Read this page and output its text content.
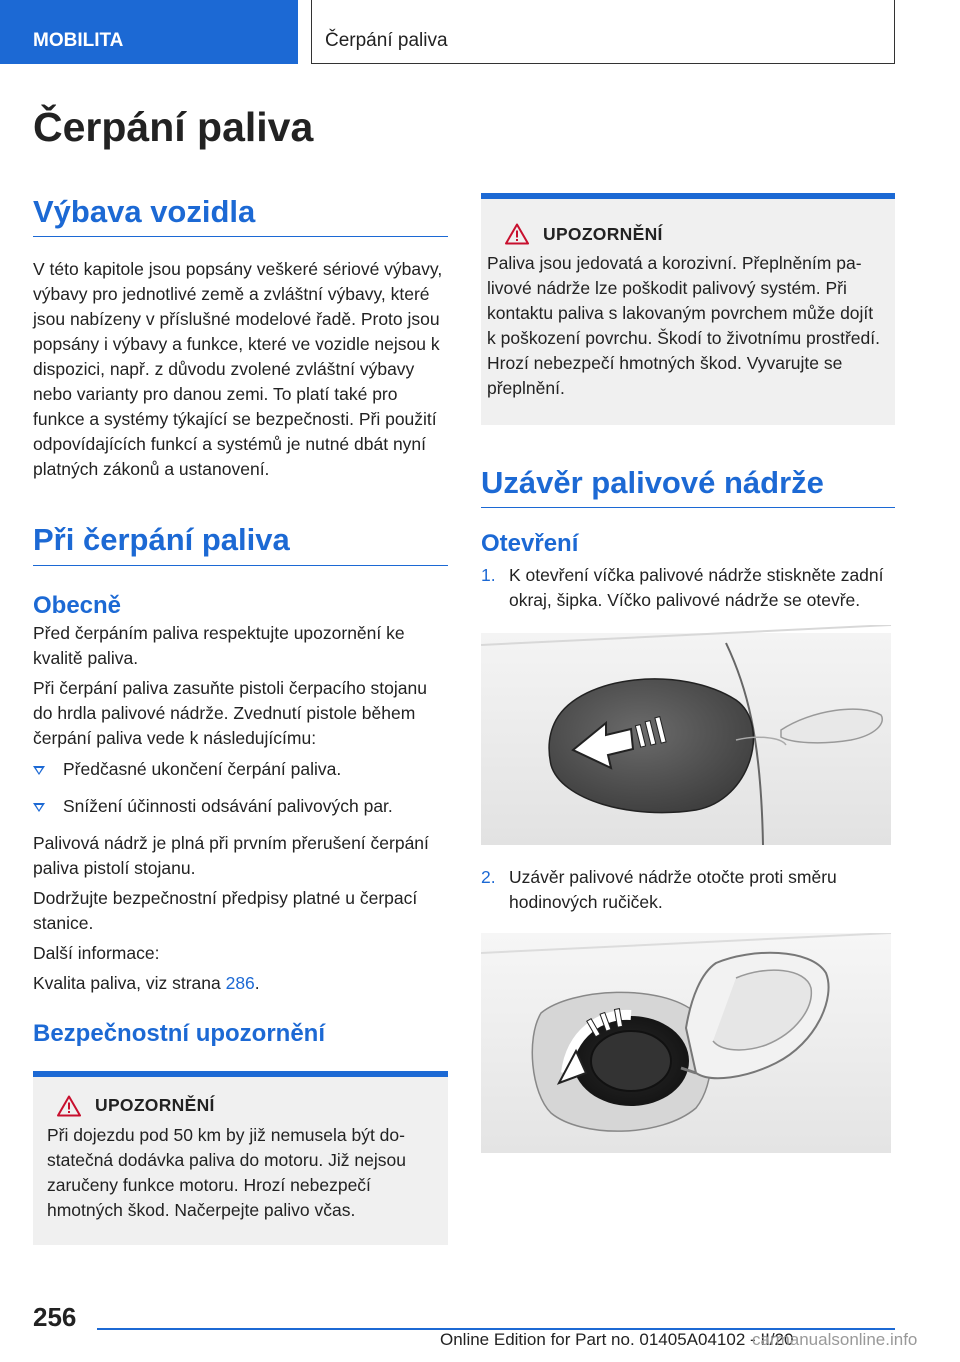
MOBILITA	Čerpání paliva
Čerpání paliva
Výbava vozidla

V této kapitole jsou popsány veškeré sériové výbavy, výbavy pro jednotlivé země a zvláštní výbavy, které jsou nabízeny v příslušné modelové řadě. Proto jsou popsány i výbavy a funkce, které ve vozidle nejsou k dispozici, např. z důvodu zvolené zvláštní výbavy nebo varianty pro danou zemi. To platí také pro funkce a systémy týkající se bezpečnosti. Při použití odpovídajících funkcí a systémů je nutné dbát nyní platných zákonů a ustanovení.

Při čerpání paliva
Obecně

Před čerpáním paliva respektujte upozornění ke kvalitě paliva.

Při čerpání paliva zasuňte pistoli čerpacího stojanu do hrdla palivové nádrže. Zvednutí pistole během čerpání paliva vede k následujícímu:

Předčasné ukončení čerpání paliva.
Snížení účinnosti odsávání palivových par.

Palivová nádrž je plná při prvním přerušení čerpání paliva pistolí stojanu.

Dodržujte bezpečnostní předpisy platné u čerpací stanice.

Další informace:

Kvalita paliva, viz strana 286.

Bezpečnostní upozornění
UPOZORNĚNÍ

Při dojezdu pod 50 km by již nemusela být dostatečná dodávka paliva do motoru. Již nejsou zaručeny funkce motoru. Hrozí nebezpečí hmotných škod. Načerpejte palivo včas.

UPOZORNĚNÍ

Paliva jsou jedovatá a korozivní. Přeplněním palivové nádrže lze poškodit palivový systém. Při kontaktu paliva s lakovaným povrchem může dojít k poškození povrchu. Škodí to životnímu prostředí. Hrozí nebezpečí hmotných škod. Vyvarujte se přeplnění.

Uzávěr palivové nádrže
Otevření
1. K otevření víčka palivové nádrže stiskněte zadní okraj, šipka. Víčko palivové nádrže se otevře.
2. Uzávěr palivové nádrže otočte proti směru hodinových ručiček.
256
Online Edition for Part no. 01405A04102 - II/20
carmanualsonline.info
